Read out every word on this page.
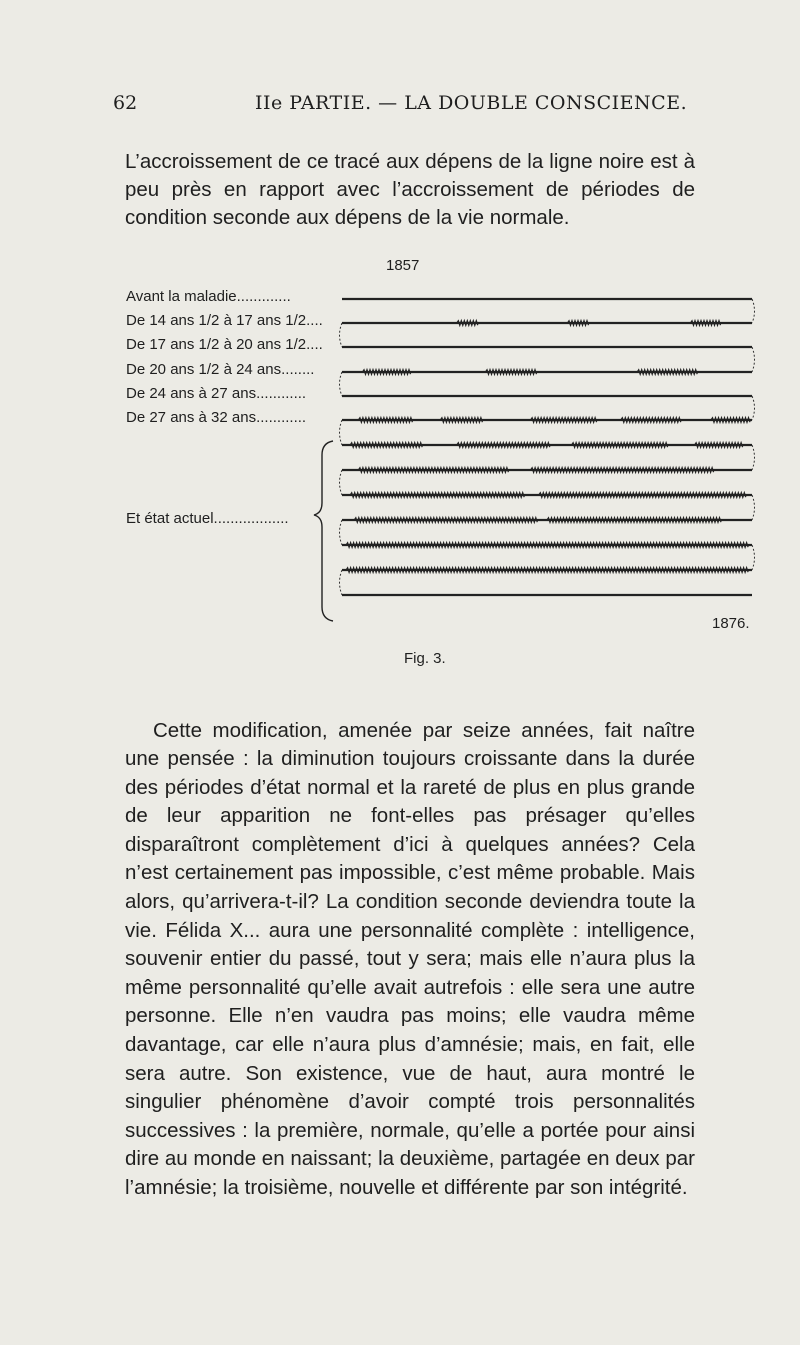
62	IIe PARTIE. — LA DOUBLE CONSCIENCE.

L’accroissement de ce tracé aux dépens de la ligne noire est à peu près en rapport avec l’accroissement de périodes de condition seconde aux dépens de la vie normale.

1857
Avant la maladie.............
De 14 ans 1/2 à 17 ans 1/2....
De 17 ans 1/2 à 20 ans 1/2....
De 20 ans 1/2 à 24 ans........
De 24 ans à 27 ans............
De 27 ans à 32 ans............
Et état actuel..................
1876.
Fig. 3.

Cette modification, amenée par seize années, fait naître une pensée : la diminution toujours croissante dans la durée des périodes d’état normal et la rareté de plus en plus grande de leur apparition ne font-elles pas présager qu’elles disparaîtront complètement d’ici à quelques années? Cela n’est certainement pas impossible, c’est même probable. Mais alors, qu’arrivera-t-il? La condition seconde deviendra toute la vie. Félida X... aura une personnalité complète : intelligence, souvenir entier du passé, tout y sera; mais elle n’aura plus la même personnalité qu’elle avait autrefois : elle sera une autre personne. Elle n’en vaudra pas moins; elle vaudra même davantage, car elle n’aura plus d’amnésie; mais, en fait, elle sera autre. Son existence, vue de haut, aura montré le singulier phénomène d’avoir compté trois personnalités successives : la première, normale, qu’elle a portée pour ainsi dire au monde en naissant; la deuxième, partagée en deux par l’amnésie; la troisième, nouvelle et différente par son intégrité.
